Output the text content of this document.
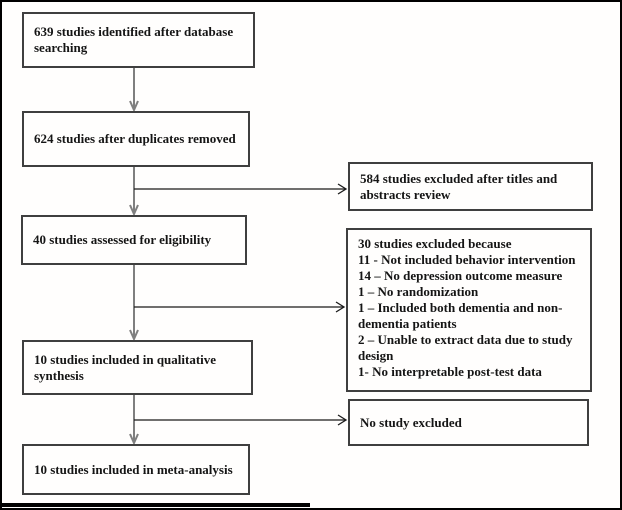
639 studies identified after database searching
624 studies after duplicates removed
40 studies assessed for eligibility
10 studies included in qualitative synthesis
10 studies included in meta-analysis
584 studies excluded after titles and abstracts review
30 studies excluded because
11 - Not included behavior intervention
14 – No depression outcome measure
1 – No randomization
1 – Included both dementia and non-dementia patients
2 – Unable to extract data due to study design
1- No interpretable post-test data
No study excluded
